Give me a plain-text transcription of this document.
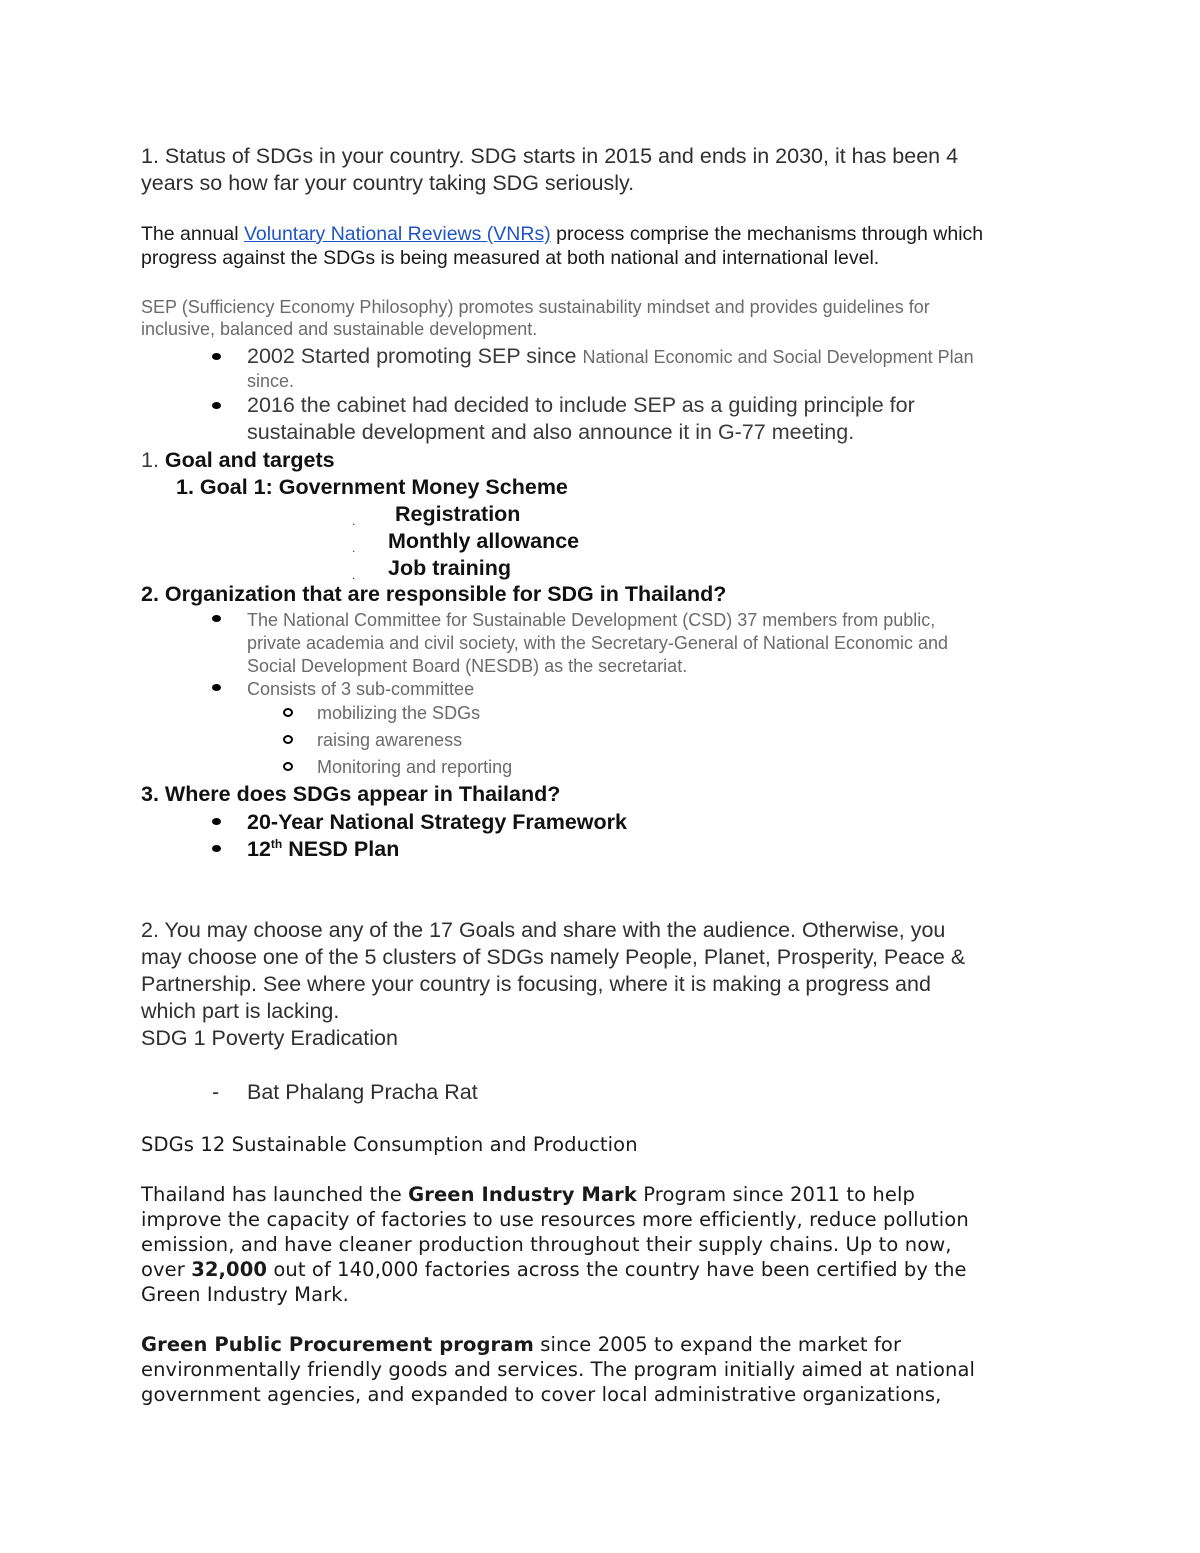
1. Status of SDGs in your country. SDG starts in 2015 and ends in 2030, it has been 4
years so how far your country taking SDG seriously.
The annual Voluntary National Reviews (VNRs) process comprise the mechanisms through which
progress against the SDGs is being measured at both national and international level.
SEP (Sufficiency Economy Philosophy) promotes sustainability mindset and provides guidelines for
inclusive, balanced and sustainable development.
2002 Started promoting SEP since National Economic and Social Development Plan
since.
2016 the cabinet had decided to include SEP as a guiding principle for
sustainable development and also announce it in G-77 meeting.
1. Goal and targets
1. Goal 1: Government Money Scheme
. Registration
. Monthly allowance
. Job training
2. Organization that are responsible for SDG in Thailand?
The National Committee for Sustainable Development (CSD) 37 members from public,
private academia and civil society, with the Secretary-General of National Economic and
Social Development Board (NESDB) as the secretariat.
Consists of 3 sub-committee
mobilizing the SDGs
raising awareness
Monitoring and reporting
3. Where does SDGs appear in Thailand?
20-Year National Strategy Framework
12th NESD Plan
2. You may choose any of the 17 Goals and share with the audience. Otherwise, you
may choose one of the 5 clusters of SDGs namely People, Planet, Prosperity, Peace &
Partnership. See where your country is focusing, where it is making a progress and
which part is lacking.
SDG 1 Poverty Eradication
- Bat Phalang Pracha Rat
SDGs 12 Sustainable Consumption and Production
Thailand has launched the Green Industry Mark Program since 2011 to help
improve the capacity of factories to use resources more efficiently, reduce pollution
emission, and have cleaner production throughout their supply chains. Up to now,
over 32,000 out of 140,000 factories across the country have been certified by the
Green Industry Mark.
Green Public Procurement program since 2005 to expand the market for
environmentally friendly goods and services. The program initially aimed at national
government agencies, and expanded to cover local administrative organizations,
